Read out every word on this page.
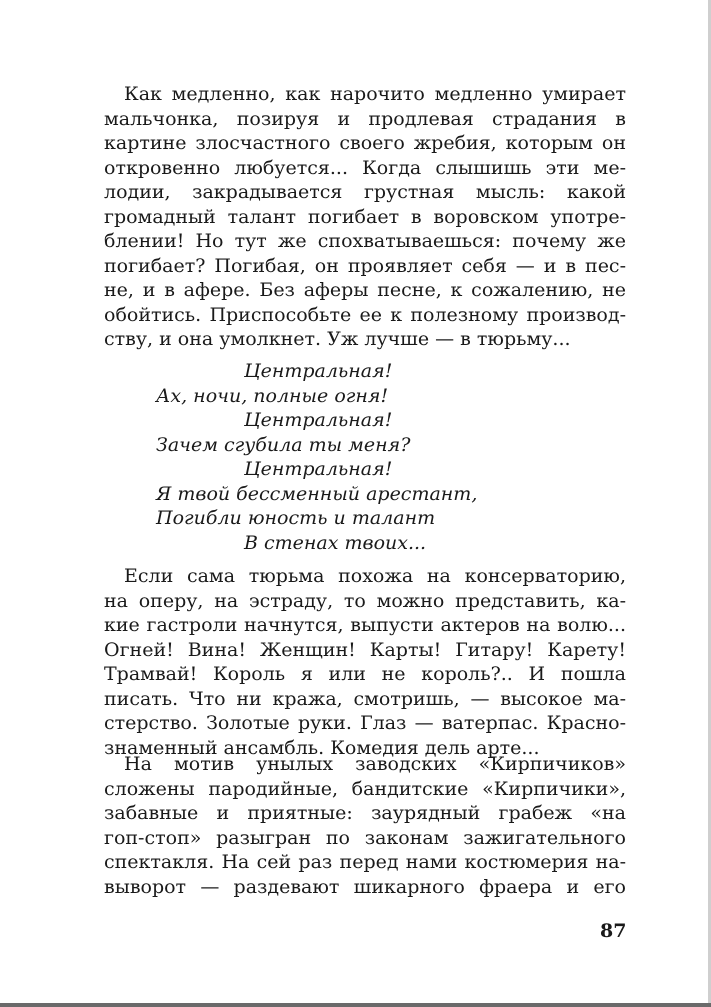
Как медленно, как нарочито медленно умирает
мальчонка, позируя и продлевая страдания в
картине злосчастного своего жребия, которым он
откровенно любуется... Когда слышишь эти ме-
лодии, закрадывается грустная мысль: какой
громадный талант погибает в воровском употре-
блении! Но тут же спохватываешься: почему же
погибает? Погибая, он проявляет себя — и в пес-
не, и в афере. Без аферы песне, к сожалению, не
обойтись. Приспособьте ее к полезному производ-
ству, и она умолкнет. Уж лучше — в тюрьму...
Центральная!
Ах, ночи, полные огня!
Центральная!
Зачем сгубила ты меня?
Центральная!
Я твой бессменный арестант,
Погибли юность и талант
В стенах твоих...
Если сама тюрьма похожа на консерваторию,
на оперу, на эстраду, то можно представить, ка-
кие гастроли начнутся, выпусти актеров на волю...
Огней! Вина! Женщин! Карты! Гитару! Карету!
Трамвай! Король я или не король?.. И пошла
писать. Что ни кража, смотришь, — высокое ма-
стерство. Золотые руки. Глаз — ватерпас. Красно-
знаменный ансамбль. Комедия дель арте...
На мотив унылых заводских «Кирпичиков»
сложены пародийные, бандитские «Кирпичики»,
забавные и приятные: заурядный грабеж «на
гоп-стоп» разыгран по законам зажигательного
спектакля. На сей раз перед нами костюмерия на-
выворот — раздевают шикарного фраера и его
87
